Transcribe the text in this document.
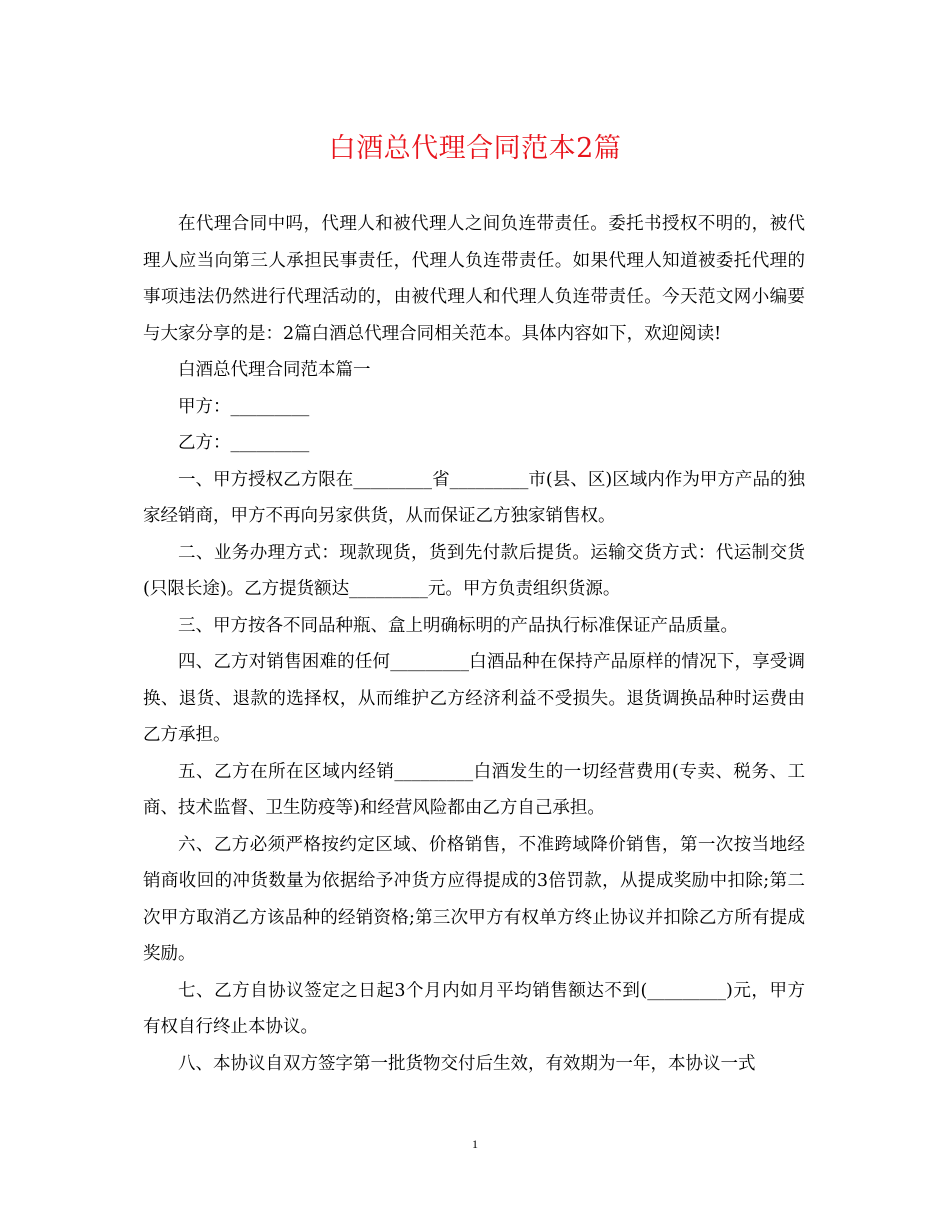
白酒总代理合同范本2篇

在代理合同中吗，代理人和被代理人之间负连带责任。委托书授权不明的，被代理人应当向第三人承担民事责任，代理人负连带责任。如果代理人知道被委托代理的事项违法仍然进行代理活动的，由被代理人和代理人负连带责任。今天范文网小编要与大家分享的是：2篇白酒总代理合同相关范本。具体内容如下，欢迎阅读!

白酒总代理合同范本篇一

甲方：_________

乙方：_________

一、甲方授权乙方限在_________省_________市(县、区)区域内作为甲方产品的独家经销商，甲方不再向另家供货，从而保证乙方独家销售权。

二、业务办理方式：现款现货，货到先付款后提货。运输交货方式：代运制交货(只限长途)。乙方提货额达_________元。甲方负责组织货源。

三、甲方按各不同品种瓶、盒上明确标明的产品执行标准保证产品质量。

四、乙方对销售困难的任何_________白酒品种在保持产品原样的情况下，享受调换、退货、退款的选择权，从而维护乙方经济利益不受损失。退货调换品种时运费由乙方承担。

五、乙方在所在区域内经销_________白酒发生的一切经营费用(专卖、税务、工商、技术监督、卫生防疫等)和经营风险都由乙方自己承担。

六、乙方必须严格按约定区域、价格销售，不准跨域降价销售，第一次按当地经销商收回的冲货数量为依据给予冲货方应得提成的3倍罚款，从提成奖励中扣除;第二次甲方取消乙方该品种的经销资格;第三次甲方有权单方终止协议并扣除乙方所有提成奖励。

七、乙方自协议签定之日起3个月内如月平均销售额达不到(_________)元，甲方有权自行终止本协议。

八、本协议自双方签字第一批货物交付后生效，有效期为一年，本协议一式

1
